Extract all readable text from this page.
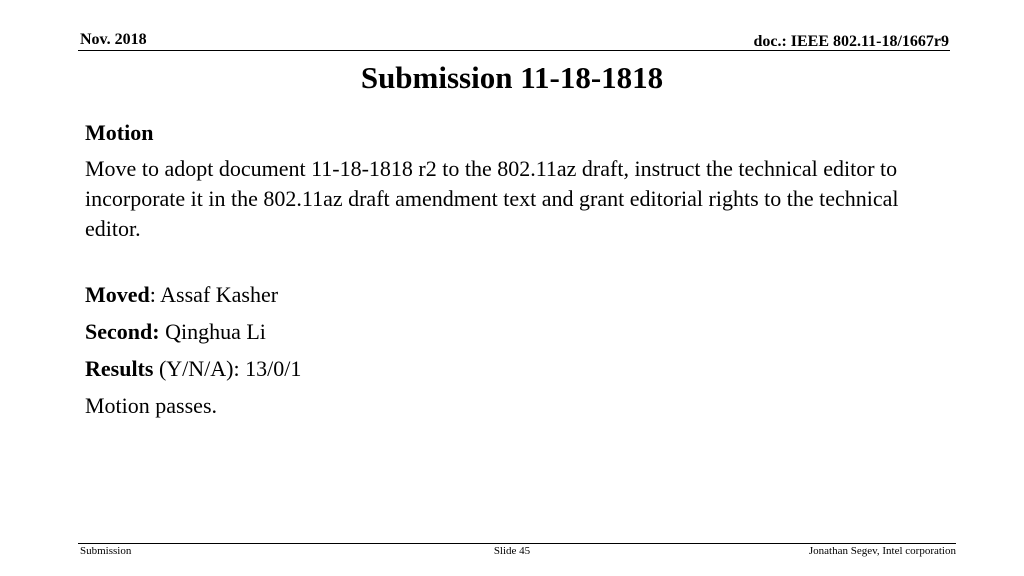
Nov. 2018	doc.: IEEE 802.11-18/1667r9
Submission 11-18-1818

Motion

Move to adopt document 11-18-1818 r2 to the 802.11az draft, instruct the technical editor to incorporate it in the 802.11az draft amendment text and grant editorial rights to the technical editor.

Moved: Assaf Kasher

Second: Qinghua Li

Results (Y/N/A): 13/0/1

Motion passes.

Submission	Slide 45	Jonathan Segev, Intel corporation
